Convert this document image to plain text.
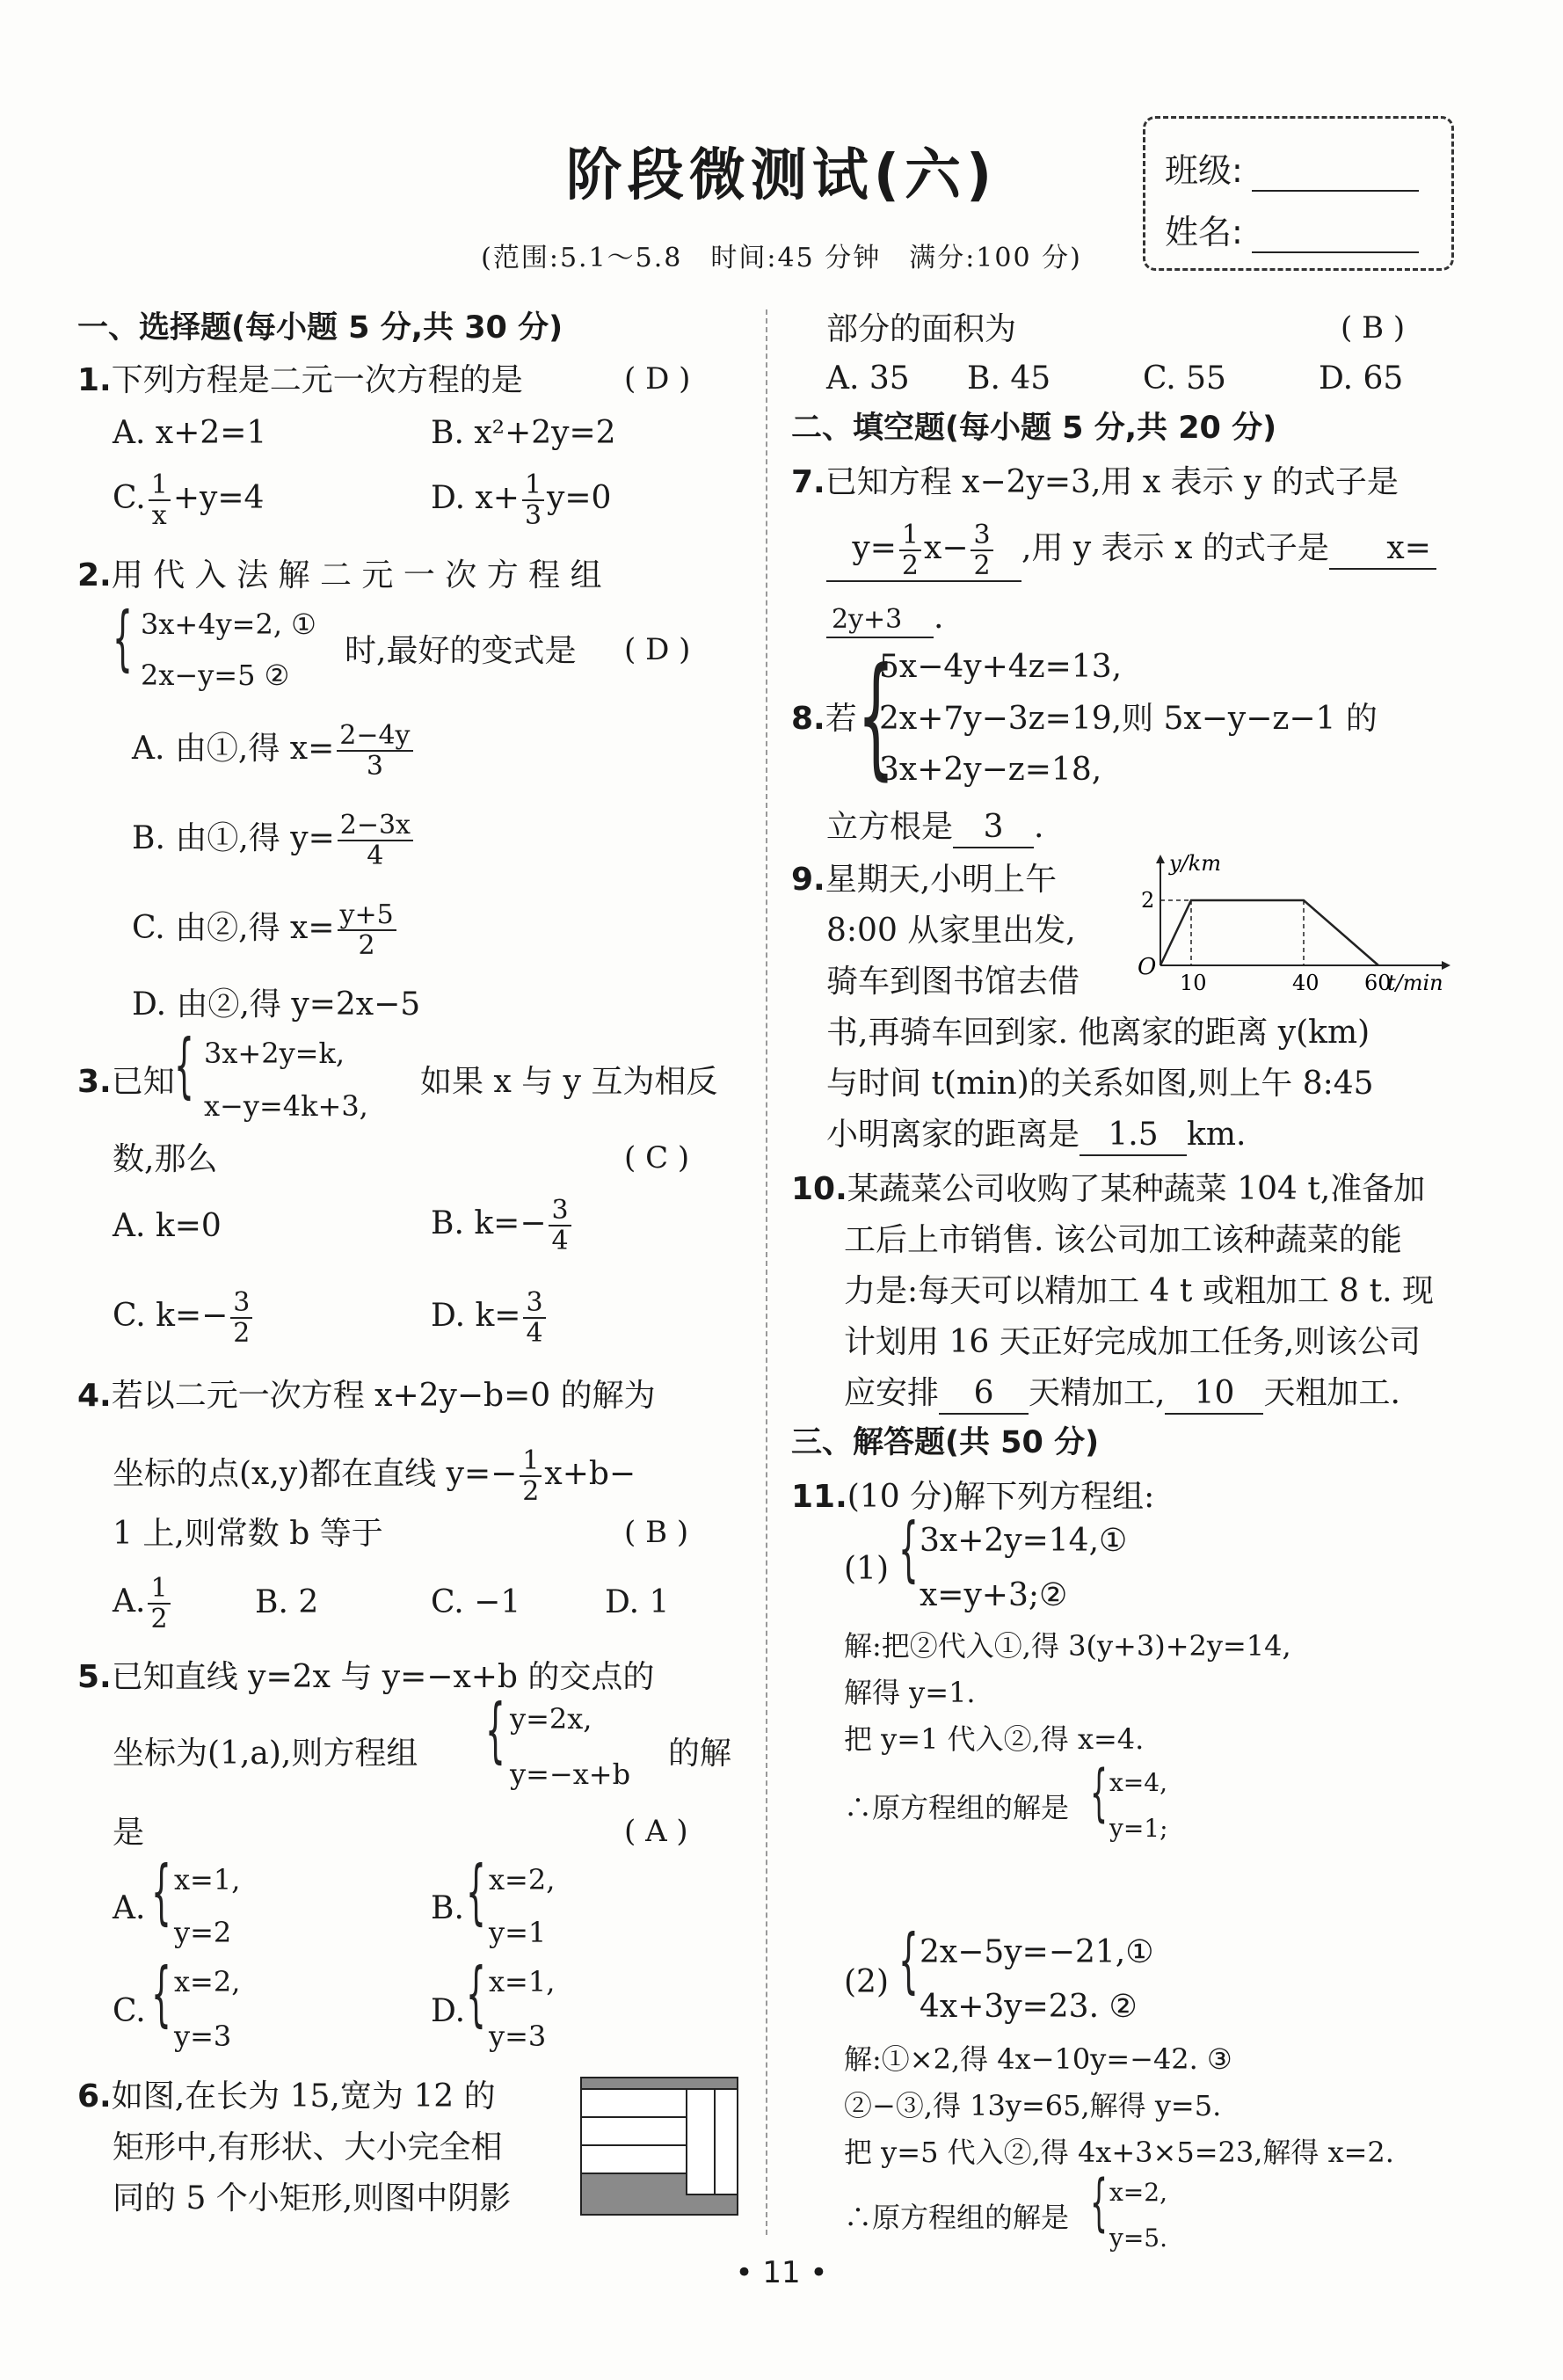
阶段微测试(六)
(范围:5.1～5.8　时间:45 分钟　满分:100 分)
班级:
姓名:
一、选择题(每小题 5 分,共 30 分)
1.下列方程是二元一次方程的是	( D )
A. x+2=1	B. x²+2y=2
C. $\frac{1}{x} +y=4$	D. $x+ \frac{1}{3} y=0$
2.用 代 入 法 解 二 元 一 次 方 程 组
{ 3x+4y=2, ①
2x−y=5 ②
时,最好的变式是 ( D )
A. 由①,得 $x= \frac{2-4y}{3}$
B. 由①,得 $y= \frac{2-3x}{4}$
C. 由②,得 $x= \frac{y+5}{2}$
D. 由②,得 y=2x−5
3.已知 { 3x+2y=k,
x−y=4k+3,
如果 x 与 y 互为相反
数,那么	( C )
A. k=0	B. $k=- \frac{3}{4}$
C. $k=- \frac{3}{2}$	D. $k= \frac{3}{4}$
4.若以二元一次方程 x+2y−b=0 的解为
坐标的点(x,y)都在直线 $y=- \frac{1}{2} x+b-$
1 上,则常数 b 等于	( B )
A. $\frac{1}{2}$	B. 2	C. −1	D. 1
5.已知直线 y=2x 与 y=−x+b 的交点的
坐标为(1,a),则方程组 { y=2x,
y=−x+b
的解
是	( A )
A. { x=1,
y=2
B. { x=2,
y=1
C. { x=2,
y=3
D. { x=1,
y=3
6.如图,在长为 15,宽为 12 的
矩形中,有形状、大小完全相
同的 5 个小矩形,则图中阴影
部分的面积为	( B )
A. 35 B. 45	C. 55	D. 65
二、填空题(每小题 5 分,共 20 分)
7.已知方程 x−2y=3,用 x 表示 y 的式子是
$y= \frac{1}{2} x- \frac{3}{2}$ ,用 y 表示 x 的式子是 x=
2y+3 .
8.若 {
5x−4y+4z=13,
2x+7y−3z=19,则 5x−y−z−1 的
3x+2y−z=18,
立方根是 3 .
9.星期天,小明上午
8:00 从家里出发,
骑车到图书馆去借
书,再骑车回到家. 他离家的距离 y(km)
与时间 t(min)的关系如图,则上午 8:45
小明离家的距离是 1.5 km.
y/km
2
O
10	40 60
t/min
10.某蔬菜公司收购了某种蔬菜 104 t,准备加
工后上市销售. 该公司加工该种蔬菜的能
力是:每天可以精加工 4 t 或粗加工 8 t. 现
计划用 16 天正好完成加工任务,则该公司
应安排 6 天精加工, 10 天粗加工.
三、解答题(共 50 分)
11.(10 分)解下列方程组:
(1) { 3x+2y=14,①
x=y+3;②
解:把②代入①,得 3(y+3)+2y=14,
解得 y=1.
把 y=1 代入②,得 x=4.
∴原方程组的解是 { x=4,
y=1;
(2) { 2x−5y=−21,①
4x+3y=23. ②
解:①×2,得 4x−10y=−42. ③
②−③,得 13y=65,解得 y=5.
把 y=5 代入②,得 4x+3×5=23,解得 x=2.
∴原方程组的解是 { x=2,
y=5.
• 11 •
